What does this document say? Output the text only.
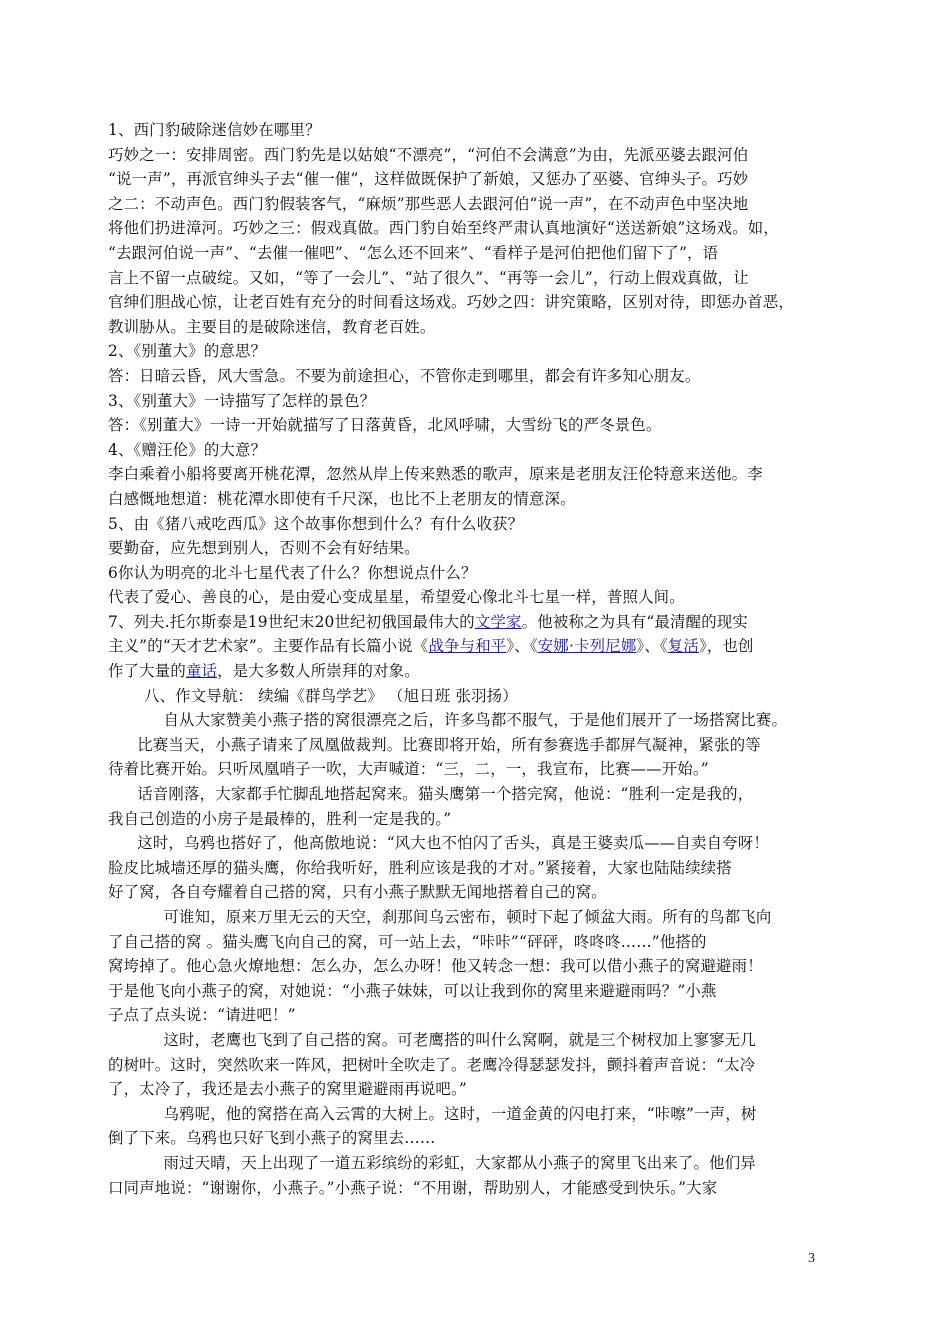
1、西门豹破除迷信妙在哪里？

巧妙之一：安排周密。西门豹先是以姑娘“不漂亮”，“河伯不会满意”为由，先派巫婆去跟河伯

“说一声”，再派官绅头子去“催一催”，这样做既保护了新娘，又惩办了巫婆、官绅头子。巧妙

之二：不动声色。西门豹假装客气，“麻烦”那些恶人去跟河伯“说一声”，在不动声色中坚决地

将他们扔进漳河。巧妙之三：假戏真做。西门豹自始至终严肃认真地演好“送送新娘”这场戏。如，

“去跟河伯说一声”、“去催一催吧”、“怎么还不回来”、“看样子是河伯把他们留下了”，语

言上不留一点破绽。又如，“等了一会儿”、“站了很久”、“再等一会儿”，行动上假戏真做，让

官绅们胆战心惊，让老百姓有充分的时间看这场戏。巧妙之四：讲究策略，区别对待，即惩办首恶，

教训胁从。主要目的是破除迷信，教育老百姓。

2、《别董大》的意思？

答：日暗云昏，风大雪急。不要为前途担心，不管你走到哪里，都会有许多知心朋友。

3、《别董大》一诗描写了怎样的景色？

答：《别董大》一诗一开始就描写了日落黄昏，北风呼啸，大雪纷飞的严冬景色。

4、《赠汪伦》的大意？

李白乘着小船将要离开桃花潭，忽然从岸上传来熟悉的歌声，原来是老朋友汪伦特意来送他。李

白感慨地想道：桃花潭水即使有千尺深，也比不上老朋友的情意深。

5、由《猪八戒吃西瓜》这个故事你想到什么？有什么收获？

要勤奋，应先想到别人，否则不会有好结果。

6你认为明亮的北斗七星代表了什么？你想说点什么？

代表了爱心、善良的心，是由爱心变成星星，希望爱心像北斗七星一样，普照人间。

7、列夫.托尔斯泰是19世纪末20世纪初俄国最伟大的文学家。他被称之为具有“最清醒的现实

主义”的“天才艺术家”。主要作品有长篇小说《战争与和平》、《安娜·卡列尼娜》、《复活》，也创

作了大量的童话，是大多数人所崇拜的对象。

八、作文导航： 续编《群鸟学艺》 （旭日班 张羽扬）

自从大家赞美小燕子搭的窝很漂亮之后，许多鸟都不服气，于是他们展开了一场搭窝比赛。

比赛当天，小燕子请来了凤凰做裁判。比赛即将开始，所有参赛选手都屏气凝神，紧张的等

待着比赛开始。只听凤凰哨子一吹，大声喊道：“三，二，一，我宣布，比赛——开始。”

话音刚落，大家都手忙脚乱地搭起窝来。猫头鹰第一个搭完窝，他说：“胜利一定是我的，

我自己创造的小房子是最棒的，胜利一定是我的。”

这时，乌鸦也搭好了，他高傲地说：“风大也不怕闪了舌头，真是王婆卖瓜——自卖自夸呀！

脸皮比城墙还厚的猫头鹰，你给我听好，胜利应该是我的才对。”紧接着，大家也陆陆续续搭

好了窝，各自夸耀着自己搭的窝，只有小燕子默默无闻地搭着自己的窝。

可谁知，原来万里无云的天空，刹那间乌云密布，顿时下起了倾盆大雨。所有的鸟都飞向

了自己搭的窝 。猫头鹰飞向自己的窝，可一站上去，“咔咔”“砰砰，咚咚咚……”他搭的

窝垮掉了。他心急火燎地想：怎么办，怎么办呀！他又转念一想：我可以借小燕子的窝避避雨！

于是他飞向小燕子的窝，对她说：“小燕子妹妹，可以让我到你的窝里来避避雨吗？”小燕

子点了点头说：“请进吧！”

这时，老鹰也飞到了自己搭的窝。可老鹰搭的叫什么窝啊，就是三个树杈加上寥寥无几

的树叶。这时，突然吹来一阵风，把树叶全吹走了。老鹰冷得瑟瑟发抖，颤抖着声音说：“太冷

了，太冷了，我还是去小燕子的窝里避避雨再说吧。”

乌鸦呢，他的窝搭在高入云霄的大树上。这时，一道金黄的闪电打来，“咔嚓”一声，树

倒了下来。乌鸦也只好飞到小燕子的窝里去……

雨过天晴，天上出现了一道五彩缤纷的彩虹，大家都从小燕子的窝里飞出来了。他们异

口同声地说：“谢谢你，小燕子。”小燕子说：“不用谢，帮助别人，才能感受到快乐。”大家

3
